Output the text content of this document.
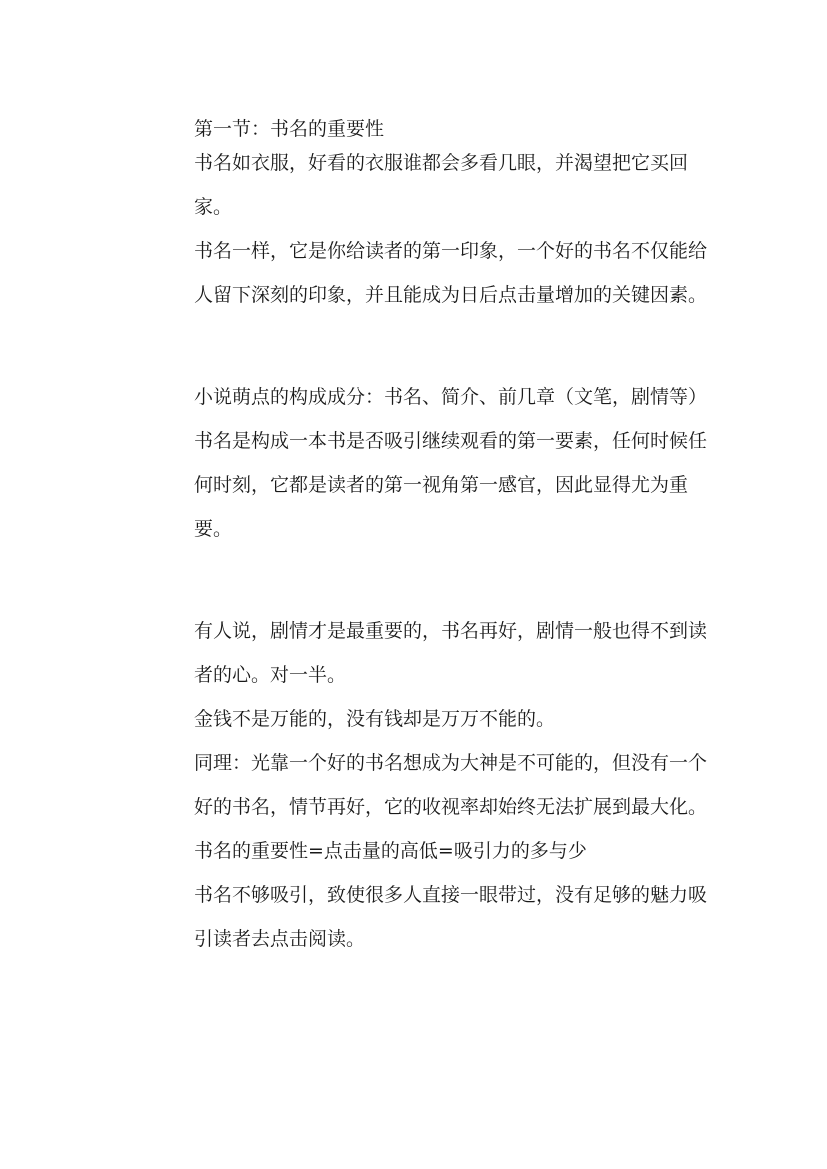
第一节：书名的重要性
书名如衣服，好看的衣服谁都会多看几眼，并渴望把它买回家。
书名一样，它是你给读者的第一印象，一个好的书名不仅能给人留下深刻的印象，并且能成为日后点击量增加的关键因素。
小说萌点的构成成分：书名、简介、前几章（文笔，剧情等）
书名是构成一本书是否吸引继续观看的第一要素，任何时候任何时刻，它都是读者的第一视角第一感官，因此显得尤为重要。
有人说，剧情才是最重要的，书名再好，剧情一般也得不到读者的心。对一半。
金钱不是万能的，没有钱却是万万不能的。
同理：光靠一个好的书名想成为大神是不可能的，但没有一个好的书名，情节再好，它的收视率却始终无法扩展到最大化。
书名的重要性=点击量的高低=吸引力的多与少
书名不够吸引，致使很多人直接一眼带过，没有足够的魅力吸引读者去点击阅读。
